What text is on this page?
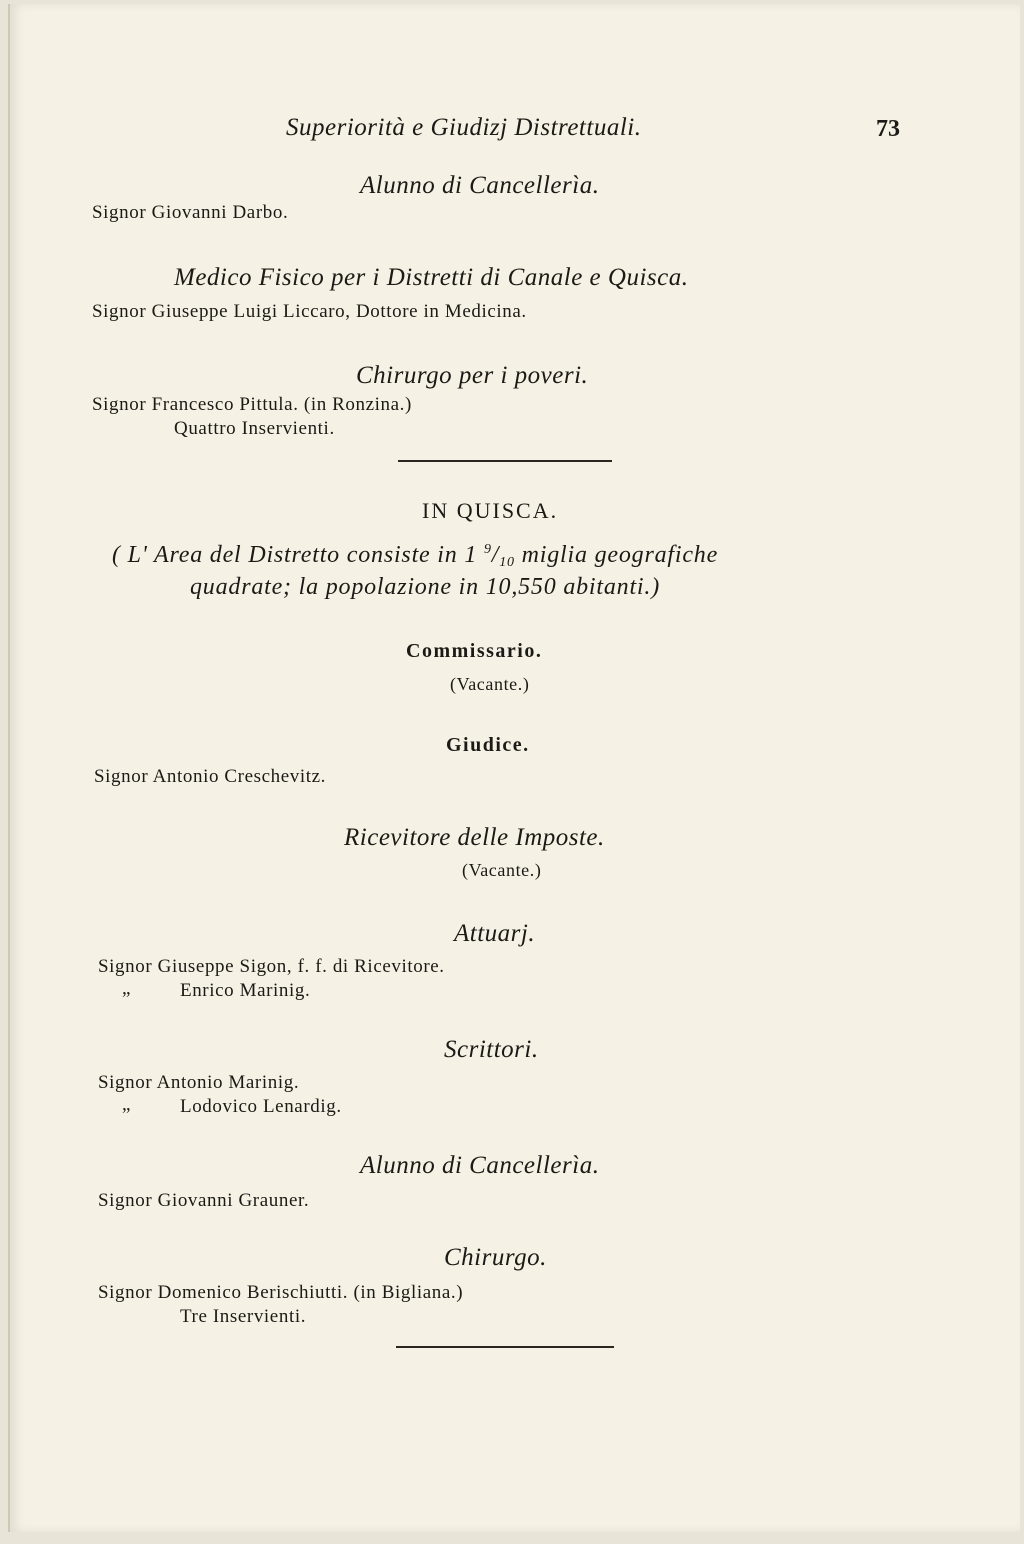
Superiorità e Giudizj Distrettuali.	73
Alunno di Cancellerìa.
Signor Giovanni Darbo.
Medico Fisico per i Distretti di Canale e Quisca.
Signor Giuseppe Luigi Liccaro, Dottore in Medicina.
Chirurgo per i poveri.
Signor Francesco Pittula. (in Ronzina.)
Quattro Inservienti.
IN QUISCA.
( L' Area del Distretto consiste in 1 $^9/_{10}$ miglia geografiche
quadrate; la popolazione in 10,550 abitanti.)
Commissario.
(Vacante.)
Giudice.
Signor Antonio Creschevitz.
Ricevitore delle Imposte.
(Vacante.)
Attuarj.
Signor Giuseppe Sigon, f. f. di Ricevitore.
„	Enrico Marinig.
Scrittori.
Signor Antonio Marinig.
„	Lodovico Lenardig.
Alunno di Cancellerìa.
Signor Giovanni Grauner.
Chirurgo.
Signor Domenico Berischiutti. (in Bigliana.)
Tre Inservienti.
